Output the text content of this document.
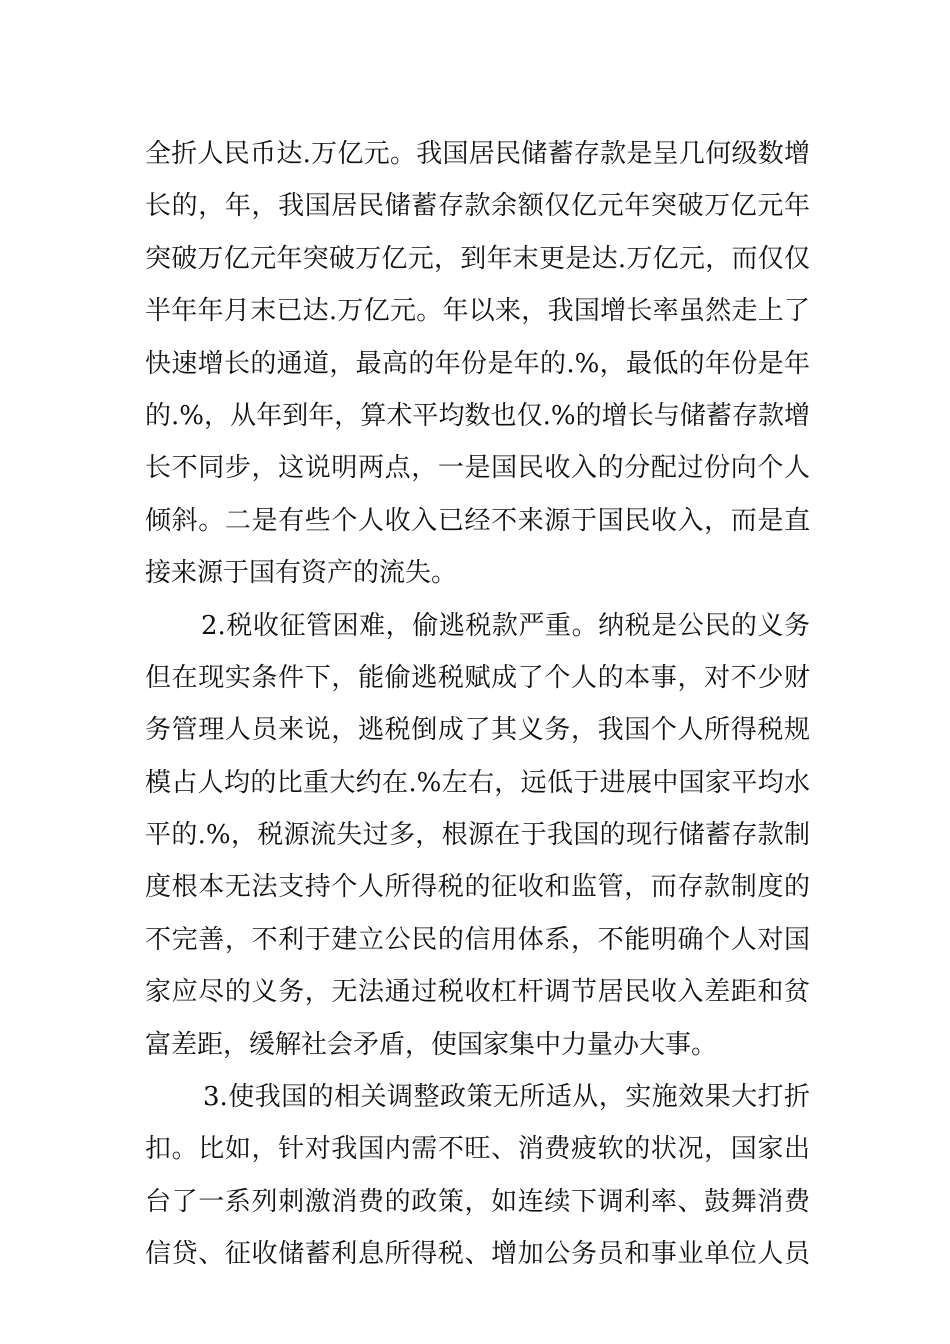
全折人民币达.万亿元。我国居民储蓄存款是呈几何级数增
长的，年，我国居民储蓄存款余额仅亿元年突破万亿元年
突破万亿元年突破万亿元，到年末更是达.万亿元，而仅仅
半年年月末已达.万亿元。年以来，我国增长率虽然走上了
快速增长的通道，最高的年份是年的.%，最低的年份是年
的.%，从年到年，算术平均数也仅.%的增长与储蓄存款增
长不同步，这说明两点，一是国民收入的分配过份向个人
倾斜。二是有些个人收入已经不来源于国民收入，而是直
接来源于国有资产的流失。
2.税收征管困难，偷逃税款严重。纳税是公民的义务
但在现实条件下，能偷逃税赋成了个人的本事，对不少财
务管理人员来说，逃税倒成了其义务，我国个人所得税规
模占人均的比重大约在.%左右，远低于进展中国家平均水
平的.%，税源流失过多，根源在于我国的现行储蓄存款制
度根本无法支持个人所得税的征收和监管，而存款制度的
不完善，不利于建立公民的信用体系，不能明确个人对国
家应尽的义务，无法通过税收杠杆调节居民收入差距和贫
富差距，缓解社会矛盾，使国家集中力量办大事。
3.使我国的相关调整政策无所适从，实施效果大打折
扣。比如，针对我国内需不旺、消费疲软的状况，国家出
台了一系列刺激消费的政策，如连续下调利率、鼓舞消费
信贷、征收储蓄利息所得税、增加公务员和事业单位人员
